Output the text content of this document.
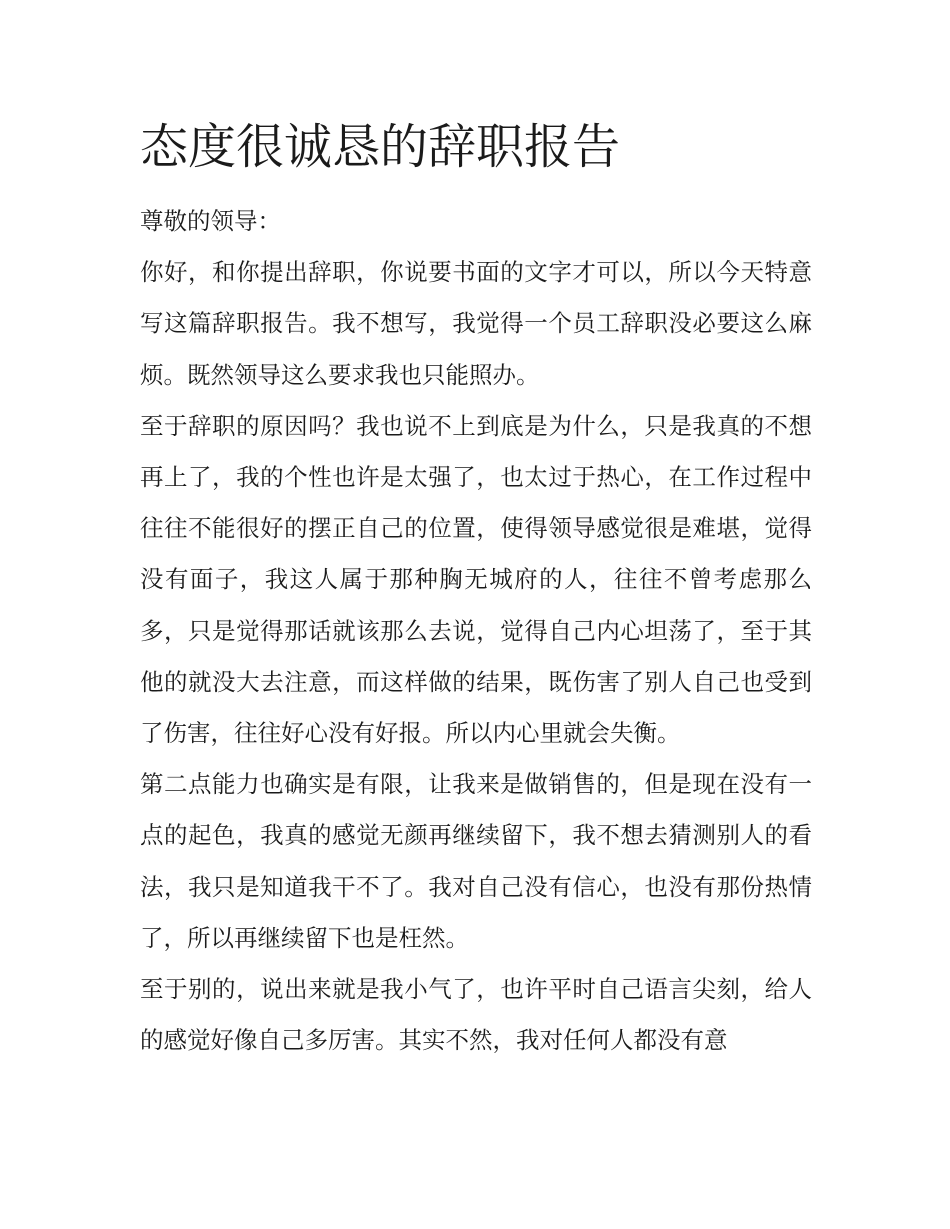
态度很诚恳的辞职报告

尊敬的领导：

你好，和你提出辞职，你说要书面的文字才可以，所以今天特意写这篇辞职报告。我不想写，我觉得一个员工辞职没必要这么麻烦。既然领导这么要求我也只能照办。

至于辞职的原因吗？我也说不上到底是为什么，只是我真的不想再上了，我的个性也许是太强了，也太过于热心，在工作过程中往往不能很好的摆正自己的位置，使得领导感觉很是难堪，觉得没有面子，我这人属于那种胸无城府的人，往往不曾考虑那么多，只是觉得那话就该那么去说，觉得自己内心坦荡了，至于其他的就没大去注意，而这样做的结果，既伤害了别人自己也受到了伤害，往往好心没有好报。所以内心里就会失衡。

第二点能力也确实是有限，让我来是做销售的，但是现在没有一点的起色，我真的感觉无颜再继续留下，我不想去猜测别人的看法，我只是知道我干不了。我对自己没有信心，也没有那份热情了，所以再继续留下也是枉然。

至于别的，说出来就是我小气了，也许平时自己语言尖刻，给人的感觉好像自己多厉害。其实不然，我对任何人都没有意
